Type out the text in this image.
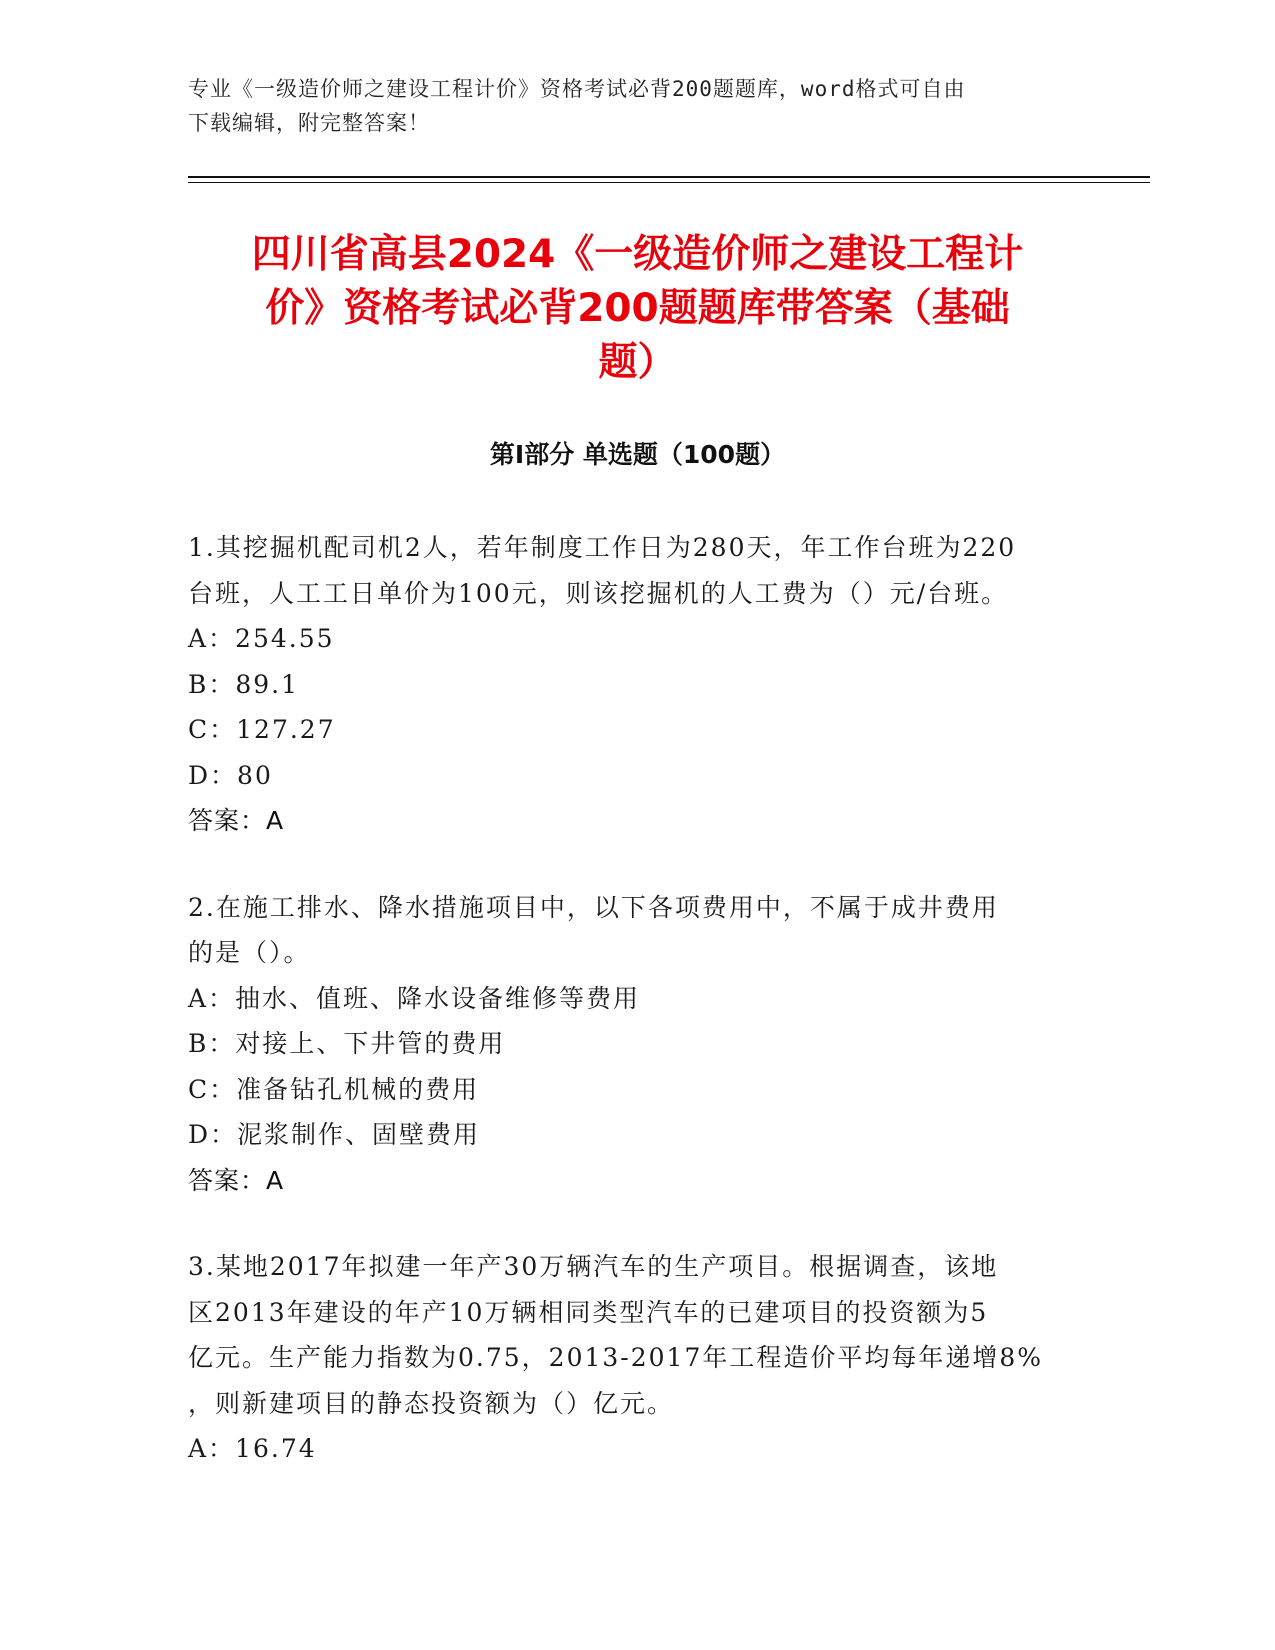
专业《一级造价师之建设工程计价》资格考试必背200题题库，word格式可自由
下载编辑，附完整答案！
四川省高县2024《一级造价师之建设工程计
价》资格考试必背200题题库带答案（基础
题）
第I部分 单选题（100题）
1.其挖掘机配司机2人，若年制度工作日为280天，年工作台班为220
台班，人工工日单价为100元，则该挖掘机的人工费为（）元/台班。
A：254.55
B：89.1
C：127.27
D：80
答案：A
2.在施工排水、降水措施项目中，以下各项费用中，不属于成井费用
的是（）。
A：抽水、值班、降水设备维修等费用
B：对接上、下井管的费用
C：准备钻孔机械的费用
D：泥浆制作、固壁费用
答案：A
3.某地2017年拟建一年产30万辆汽车的生产项目。根据调查，该地
区2013年建设的年产10万辆相同类型汽车的已建项目的投资额为5
亿元。生产能力指数为0.75，2013-2017年工程造价平均每年递增8%
，则新建项目的静态投资额为（）亿元。
A：16.74
